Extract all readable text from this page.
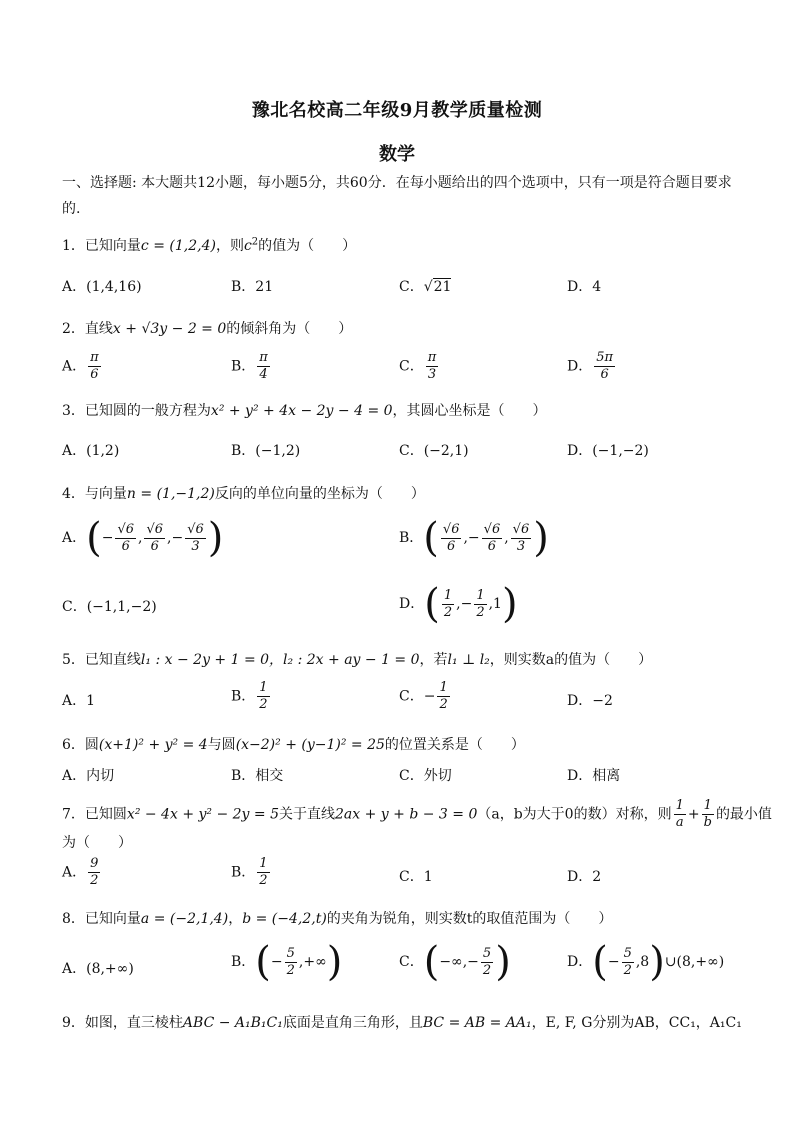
豫北名校高二年级9月教学质量检测
数学
一、选择题: 本大题共12小题，每小题5分，共60分．在每小题给出的四个选项中，只有一项是符合题目要求的.
1．已知向量c = (1,2,4)，则$c^2$的值为（　　）
A．(1,4,16)	B．21	C．√21	D．4
2．直线x + √3y − 2 = 0的倾斜角为（　　）
A． $\frac{\pi}{6}$	B． $\frac{\pi}{4}$	C． $\frac{\pi}{3}$	D． $\frac{5\pi}{6}$
3．已知圆的一般方程为x² + y² + 4x − 2y − 4 = 0，其圆心坐标是（　　）
A．(1,2)	B．(−1,2)	C．(−2,1)	D．(−1,−2)
4．与向量n = (1,−1,2)反向的单位向量的坐标为（　　）
A．(− $\frac{√6}{6}$ , $\frac{√6}{6}$ ,− $\frac{√6}{3}$ )	B．( $\frac{√6}{6}$ ,− $\frac{√6}{6}$ , $\frac{√6}{3}$ )
C．(−1,1,−2)	D．( $\frac{1}{2}$ ,− $\frac{1}{2} ,1$)
5．已知直线l₁ : x − 2y + 1 = 0，l₂ : 2x + ay − 1 = 0，若l₁ ⊥ l₂，则实数a的值为（　　）
A．1	B． $\frac{1}{2}$	C．− $\frac{1}{2}$	D．−2
6．圆(x+1)² + y² = 4与圆(x−2)² + (y−1)² = 25的位置关系是（　　）
A．内切	B．相交	C．外切	D．相离
7．已知圆x² − 4x + y² − 2y = 5关于直线2ax + y + b − 3 = 0（a，b为大于0的数）对称，则 $\frac{1}{a} + \frac{1}{b}$ 的最小值
为（　　）
A． $\frac{9}{2}$	B． $\frac{1}{2}$	C．1	D．2
8．已知向量a = (−2,1,4)，b = (−4,2,t)的夹角为锐角，则实数t的取值范围为（　　）
A．(8,+∞)	B．(− $\frac{5}{2}$ ,+∞)	C．(−∞,− $\frac{5}{2}$ )	D．(− $\frac{5}{2}$ ,8)∪(8,+∞)
9．如图，直三棱柱ABC − A₁B₁C₁底面是直角三角形，且BC = AB = AA₁，E, F, G分别为AB，CC₁，A₁C₁
